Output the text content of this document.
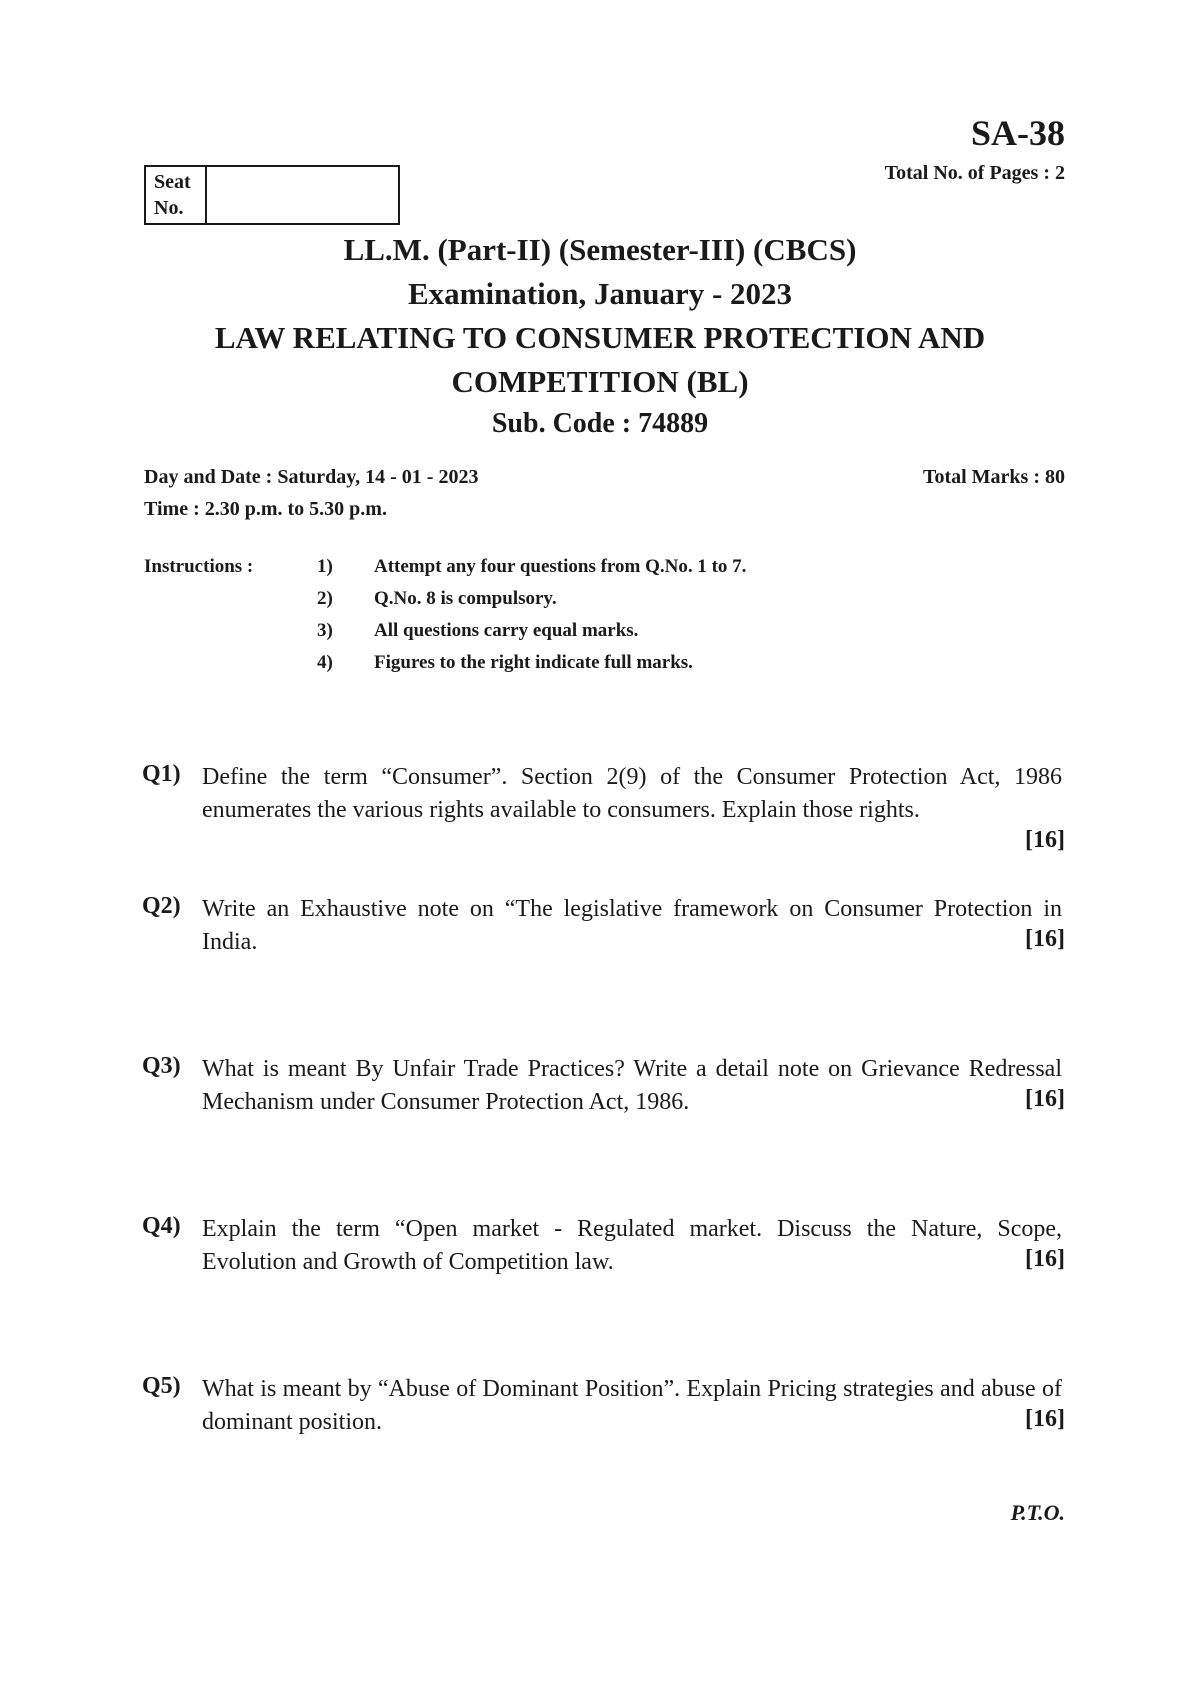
SA-38
Total No. of Pages : 2
Seat No.
LL.M. (Part-II) (Semester-III) (CBCS)
Examination, January - 2023
LAW RELATING TO CONSUMER PROTECTION AND
COMPETITION (BL)
Sub. Code : 74889
Day and Date : Saturday, 14 - 01 - 2023	Total Marks : 80
Time : 2.30 p.m. to 5.30 p.m.
Instructions :	1) Attempt any four questions from Q.No. 1 to 7.
2) Q.No. 8 is compulsory.
3) All questions carry equal marks.
4) Figures to the right indicate full marks.
Q1) Define the term “Consumer”. Section 2(9) of the Consumer Protection Act, 1986 enumerates the various rights available to consumers. Explain those rights.
[16]
Q2) Write an Exhaustive note on “The legislative framework on Consumer Protection in India.	[16]
Q3) What is meant By Unfair Trade Practices? Write a detail note on Grievance Redressal Mechanism under Consumer Protection Act, 1986.	[16]
Q4) Explain the term “Open market - Regulated market. Discuss the Nature, Scope, Evolution and Growth of Competition law.	[16]
Q5) What is meant by “Abuse of Dominant Position”. Explain Pricing strategies and abuse of dominant position.	[16]
P.T.O.
